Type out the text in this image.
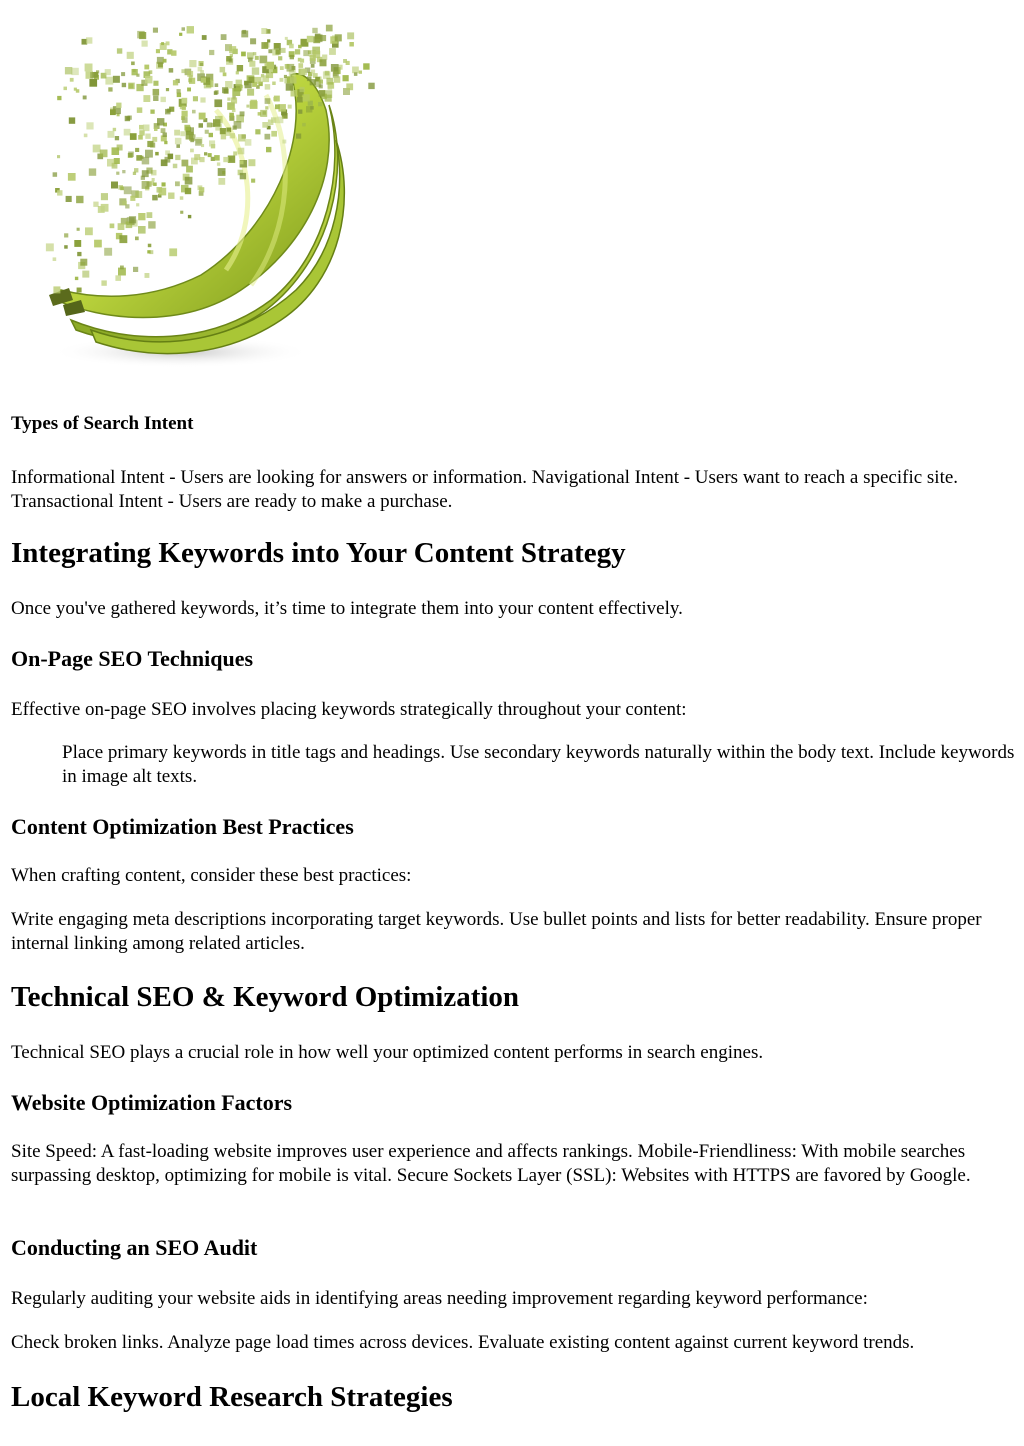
Types of Search Intent

Informational Intent - Users are looking for answers or information. Navigational Intent - Users want to reach a specific site. Transactional Intent - Users are ready to make a purchase.

Integrating Keywords into Your Content Strategy

Once you've gathered keywords, it’s time to integrate them into your content effectively.

On-Page SEO Techniques

Effective on-page SEO involves placing keywords strategically throughout your content:

Place primary keywords in title tags and headings. Use secondary keywords naturally within the body text. Include keywords in image alt texts.
Content Optimization Best Practices

When crafting content, consider these best practices:

Write engaging meta descriptions incorporating target keywords. Use bullet points and lists for better readability. Ensure proper internal linking among related articles.

Technical SEO & Keyword Optimization

Technical SEO plays a crucial role in how well your optimized content performs in search engines.

Website Optimization Factors

Site Speed: A fast-loading website improves user experience and affects rankings. Mobile-Friendliness: With mobile searches surpassing desktop, optimizing for mobile is vital. Secure Sockets Layer (SSL): Websites with HTTPS are favored by Google.

Conducting an SEO Audit

Regularly auditing your website aids in identifying areas needing improvement regarding keyword performance:

Check broken links. Analyze page load times across devices. Evaluate existing content against current keyword trends.

Local Keyword Research Strategies
